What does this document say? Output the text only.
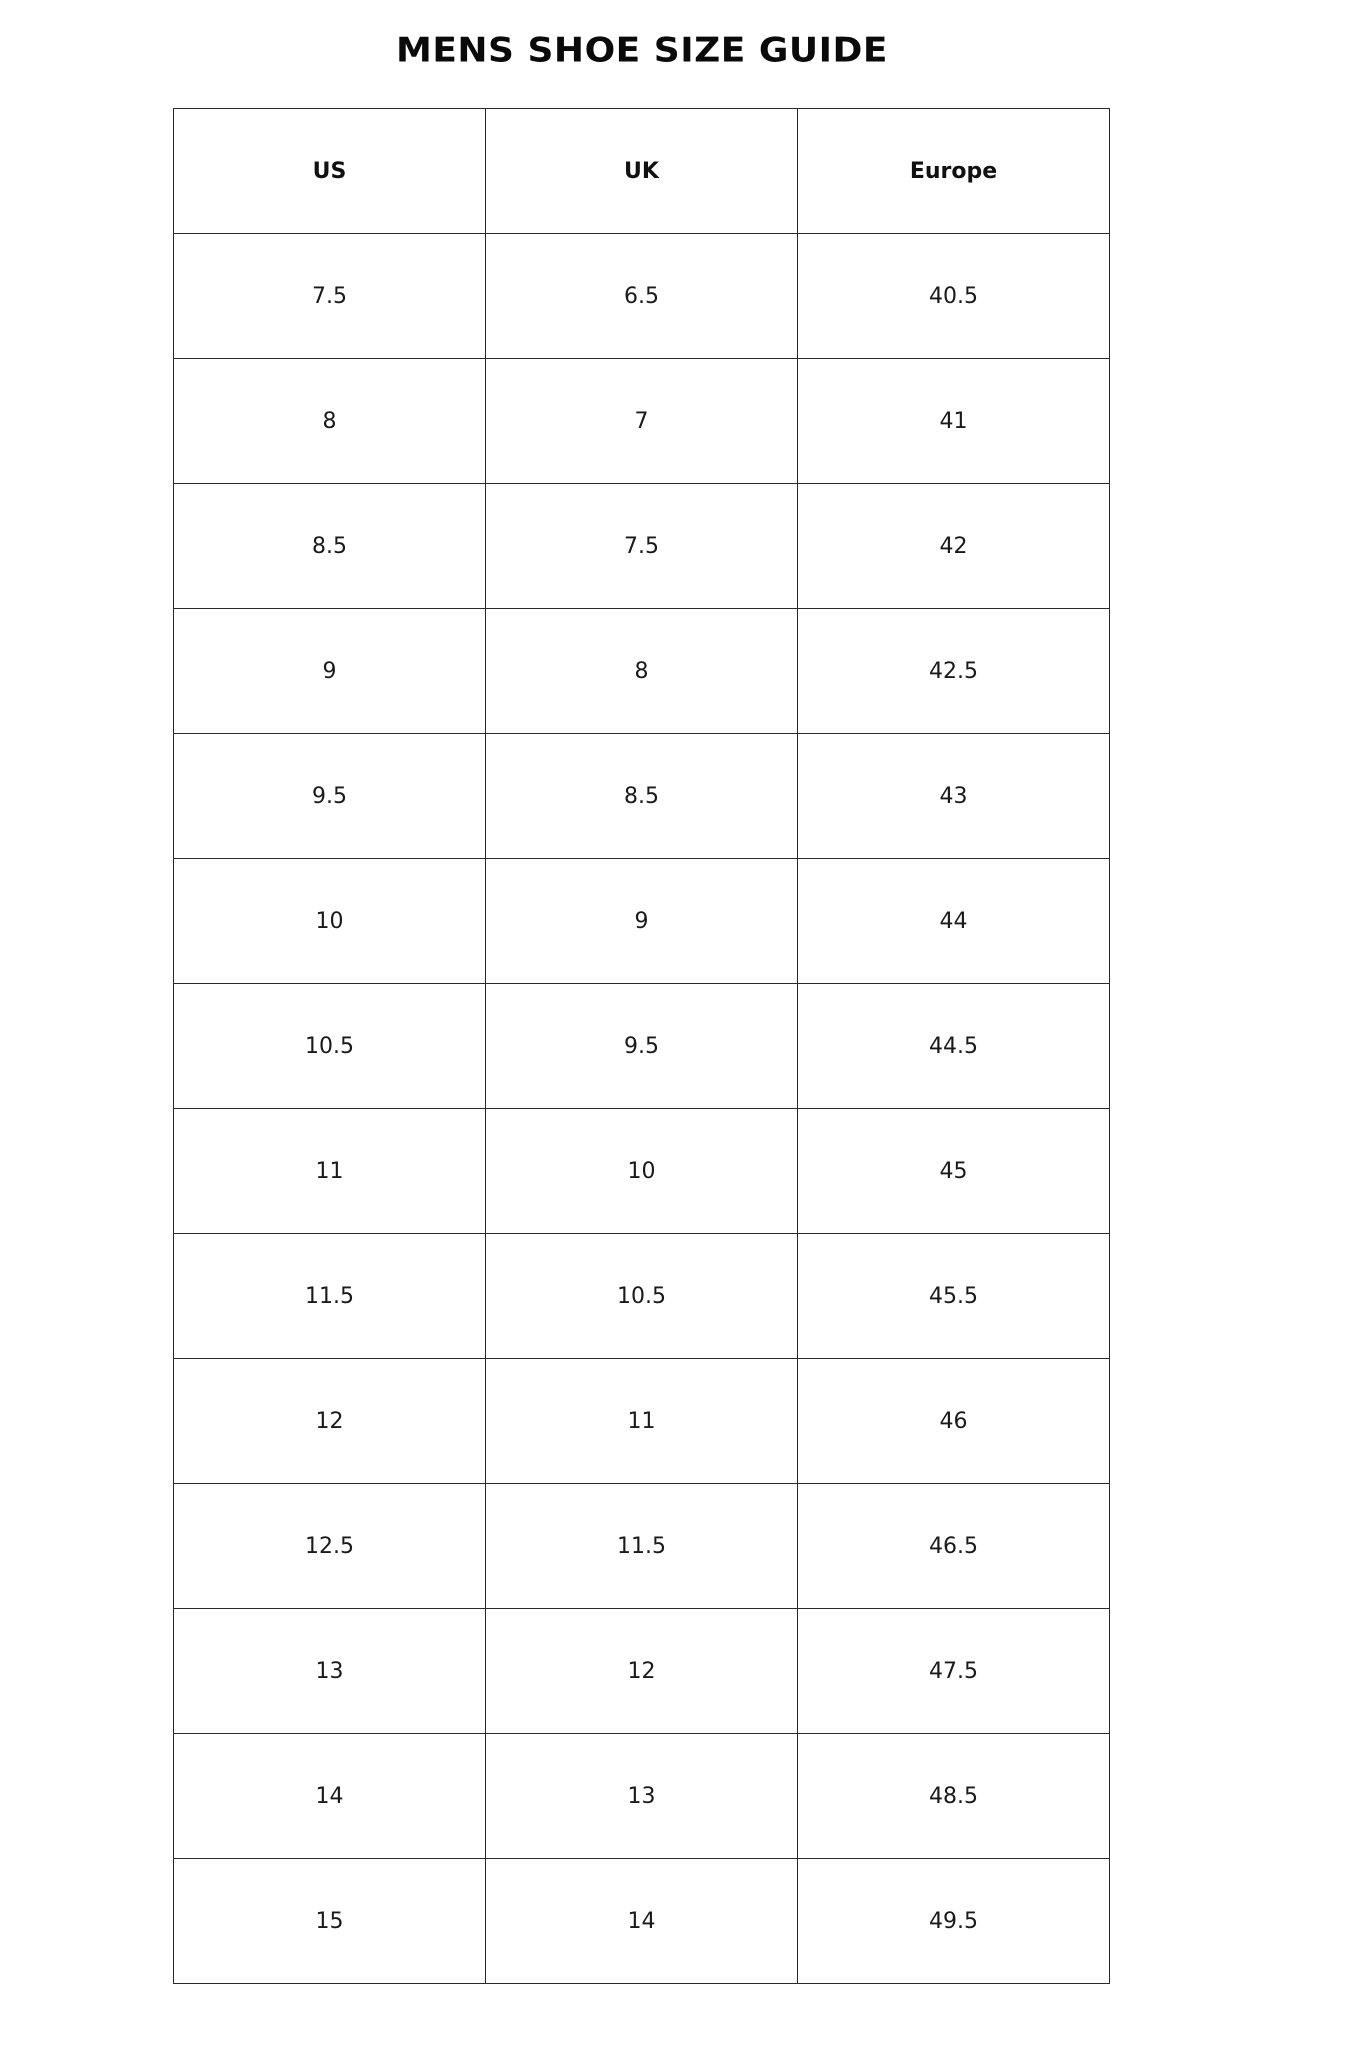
MENS SHOE SIZE GUIDE
US	UK	Europe
7.5	6.5	40.5
8	7	41
8.5	7.5	42
9	8	42.5
9.5	8.5	43
10	9	44
10.5	9.5	44.5
11	10	45
11.5	10.5	45.5
12	11	46
12.5	11.5	46.5
13	12	47.5
14	13	48.5
15	14	49.5
